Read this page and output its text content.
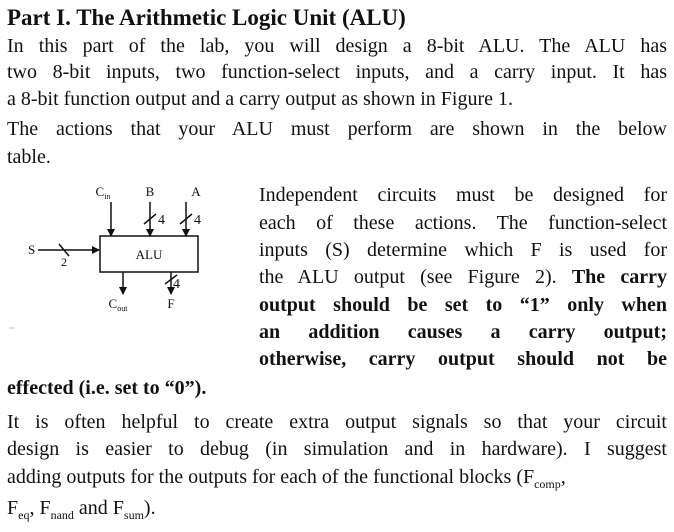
Part I. The Arithmetic Logic Unit (ALU)
In this part of the lab, you will design a 8-bit ALU. The ALU has
two 8-bit inputs, two function-select inputs, and a carry input. It has
a 8-bit function output and a carry output as shown in Figure 1.
The actions that your ALU must perform are shown in the below
table.
$C_{in}$	B	A
4 4
ALU
S
2
4
$C_{out}$	F
Independent circuits must be designed for
each of these actions. The function-select
inputs (S) determine which F is used for
the ALU output (see Figure 2). The carry
output should be set to “1” only when
an addition causes a carry output;
otherwise, carry output should not be
effected (i.e. set to “0”).
It is often helpful to create extra output signals so that your circuit
design is easier to debug (in simulation and in hardware). I suggest
adding outputs for the outputs for each of the functional blocks ($F_{comp}$,
$F_{eq}$, $F_{nand}$ and $F_{sum}$).
